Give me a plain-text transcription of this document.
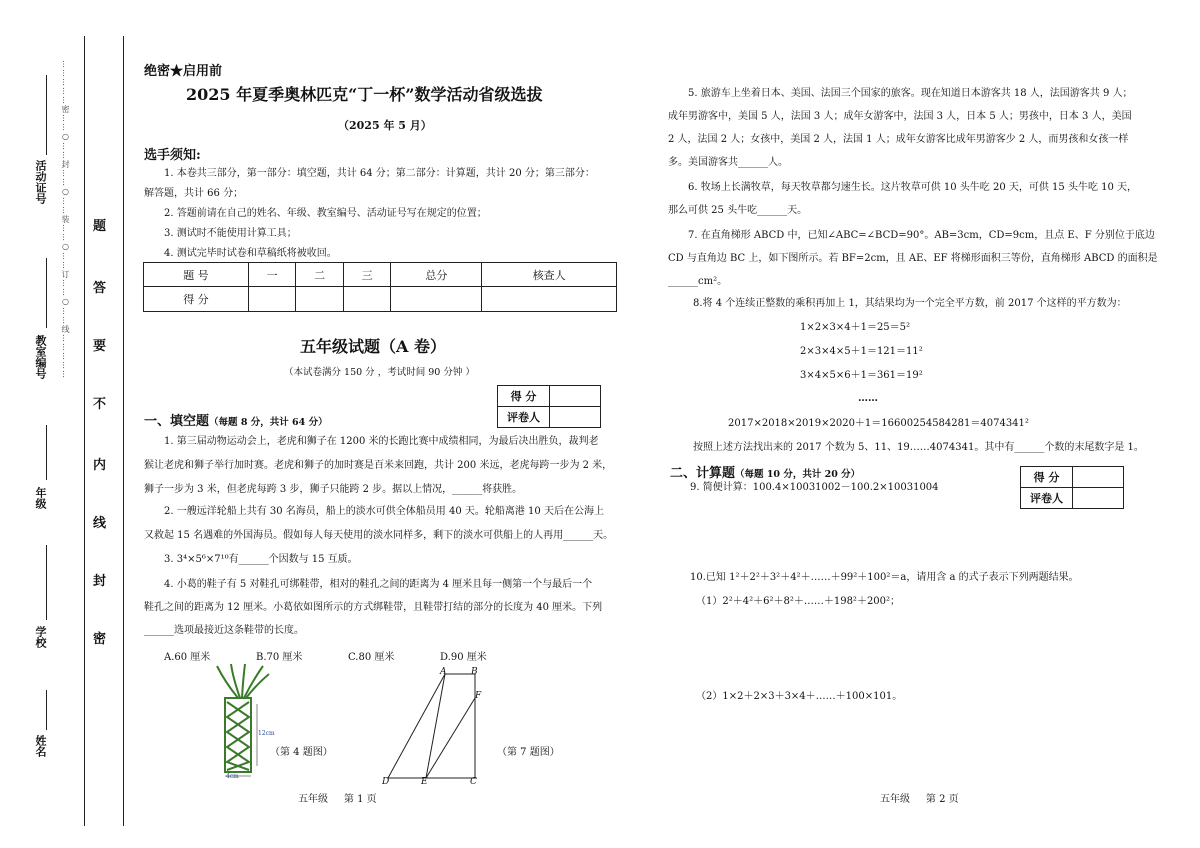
……………密……○……封……○……装……○……订……○……线……………
活动证号
教室编号
年级
学校
姓名
题
答
要
不
内
线
封
密
绝密★启用前
2025 年夏季奥林匹克“丁一杯”数学活动省级选拔
（2025 年 5 月）
选手须知:
1. 本卷共三部分，第一部分：填空题，共计 64 分；第二部分：计算题，共计 20 分；第三部分：
解答题，共计 66 分；
2. 答题前请在自己的姓名、年级、教室编号、活动证号写在规定的位置；
3. 测试时不能使用计算工具；
4. 测试完毕时试卷和草稿纸将被收回。
题 号	一	二	三	总分	核查人
得 分					
五年级试题（A 卷）
（本试卷满分 150 分 ，考试时间 90 分钟 ）
得 分	
评卷人	
一、填空题（每题 8 分，共计 64 分）
1. 第三届动物运动会上，老虎和狮子在 1200 米的长跑比赛中成绩相同，为最后决出胜负，裁判老
猴让老虎和狮子举行加时赛。老虎和狮子的加时赛是百米来回跑，共计 200 米远，老虎每跨一步为 2 米，
狮子一步为 3 米，但老虎每跨 3 步，狮子只能跨 2 步。据以上情况，______将获胜。
2. 一艘远洋轮船上共有 30 名海员，船上的淡水可供全体船员用 40 天。轮船离港 10 天后在公海上
又救起 15 名遇难的外国海员。假如每人每天使用的淡水同样多，剩下的淡水可供船上的人再用______天。
3. 3⁴×5⁶×7¹⁰有______个因数与 15 互质。
4. 小葛的鞋子有 5 对鞋孔可绑鞋带，相对的鞋孔之间的距离为 4 厘米且每一侧第一个与最后一个
鞋孔之间的距离为 12 厘米。小葛依如图所示的方式绑鞋带，且鞋带打结的部分的长度为 40 厘米。下列
______选项最接近这条鞋带的长度。
A.60 厘米	B.70 厘米	C.80 厘米	D.90 厘米
12cm
4cm
（第 4 题图）
A	B
F
D	E	C
（第 7 题图）
五年级 第 1 页
5. 旅游车上坐着日本、美国、法国三个国家的旅客。现在知道日本游客共 18 人，法国游客共 9 人；
成年男游客中，美国 5 人，法国 3 人；成年女游客中，法国 3 人，日本 5 人；男孩中，日本 3 人，美国
2 人，法国 2 人；女孩中，美国 2 人，法国 1 人；成年女游客比成年男游客少 2 人，而男孩和女孩一样
多。美国游客共______人。
6. 牧场上长满牧草，每天牧草都匀速生长。这片牧草可供 10 头牛吃 20 天，可供 15 头牛吃 10 天，
那么可供 25 头牛吃______天。
7. 在直角梯形 ABCD 中，已知∠ABC=∠BCD=90°。AB=3cm，CD=9cm，且点 E、F 分别位于底边
CD 与直角边 BC 上，如下图所示。若 BF=2cm，且 AE、EF 将梯形面积三等份，直角梯形 ABCD 的面积是
______cm²。
8.将 4 个连续正整数的乘积再加上 1，其结果均为一个完全平方数，前 2017 个这样的平方数为：
1×2×3×4＋1＝25＝5²
2×3×4×5＋1＝121＝11²
3×4×5×6＋1＝361＝19²
……
2017×2018×2019×2020＋1＝16600254584281＝4074341²
按照上述方法找出来的 2017 个数为 5、11、19……4074341。其中有______个数的末尾数字是 1。
二、计算题（每题 10 分，共计 20 分）	得 分	
评卷人	
9. 简便计算：100.4×10031002－100.2×10031004
10.已知 1²＋2²＋3²＋4²＋……＋99²＋100²＝a，请用含 a 的式子表示下列两题结果。
（1）2²＋4²＋6²＋8²＋……＋198²＋200²；
（2）1×2＋2×3＋3×4＋……＋100×101。
五年级 第 2 页
